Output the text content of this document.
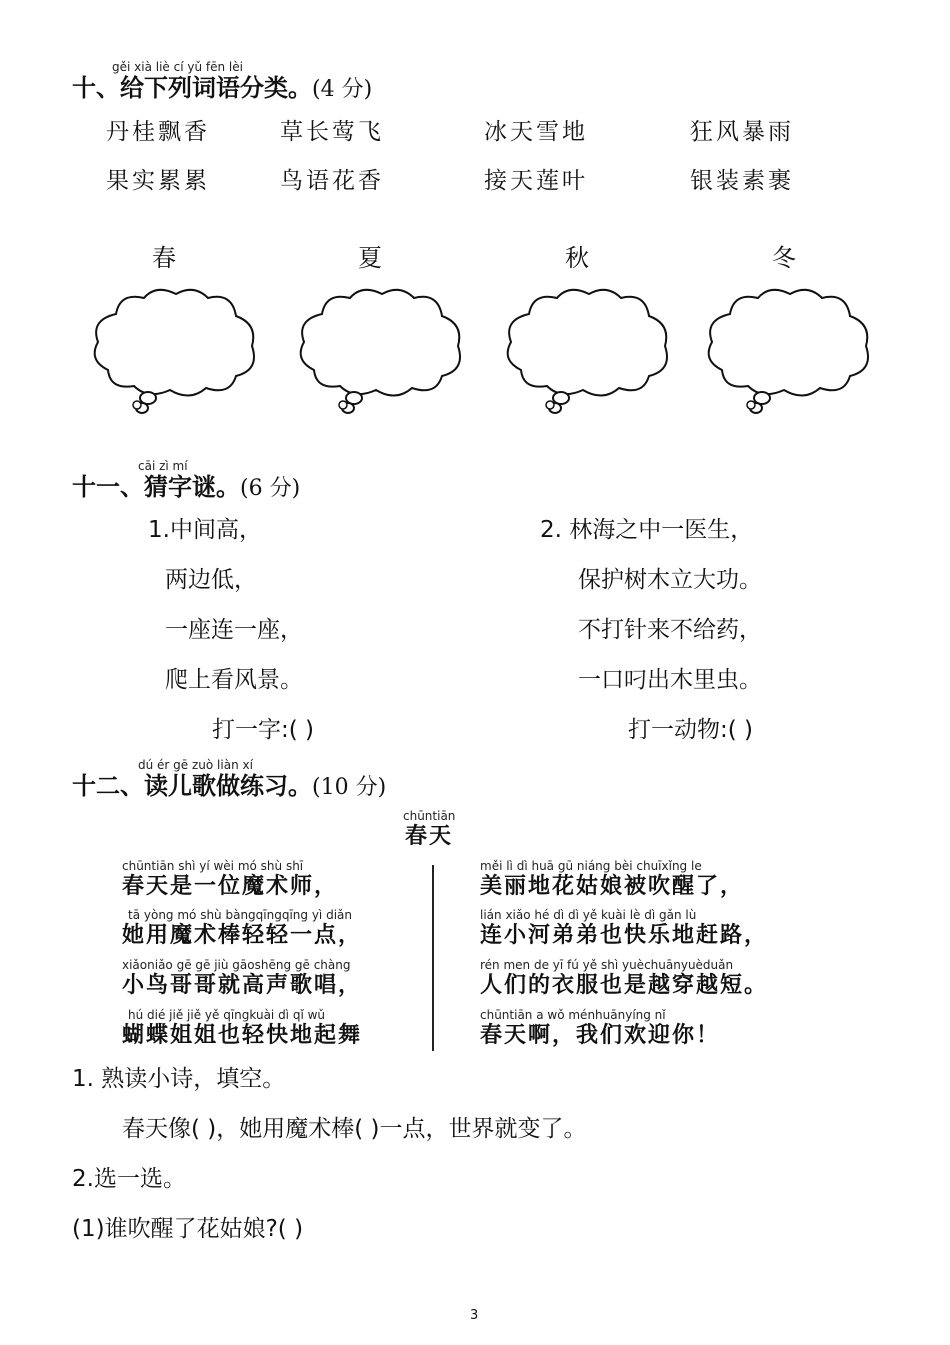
gěi xià liè cí yǔ fēn lèi
十、给下列词语分类。(4 分)
丹桂飘香	草长莺飞	冰天雪地	狂风暴雨
果实累累	鸟语花香	接天莲叶	银装素裹
春	夏	秋	冬
cāi zì mí
十一、猜字谜。(6 分)
1.中间高，
两边低，
一座连一座，
爬上看风景。
打一字:( )
2. 林海之中一医生，
保护树木立大功。
不打针来不给药，
一口叼出木里虫。
打一动物:( )
dú ér gē zuò liàn xí
十二、读儿歌做练习。(10 分)
chūntiān
春天
chūntiān shì yí wèi mó shù shī
春天是一位魔术师，
tā yòng mó shù bàngqīngqīng yì diǎn
她用魔术棒轻轻一点，
xiǎoniǎo gē gē jiù gāoshēng gē chàng
小鸟哥哥就高声歌唱，
hú dié jiě jiě yě qīngkuài dì qǐ wǔ
蝴蝶姐姐也轻快地起舞
měi lì dì huā gū niáng bèi chuīxǐng le
美丽地花姑娘被吹醒了，
lián xiǎo hé dì dì yě kuài lè dì gǎn lù
连小河弟弟也快乐地赶路，
rén men de yī fú yě shì yuèchuānyuèduǎn
人们的衣服也是越穿越短。
chūntiān a wǒ ménhuānyíng nǐ
春天啊，我们欢迎你！
1. 熟读小诗，填空。
春天像( )，她用魔术棒( )一点，世界就变了。
2.选一选。
(1)谁吹醒了花姑娘?( )
3
